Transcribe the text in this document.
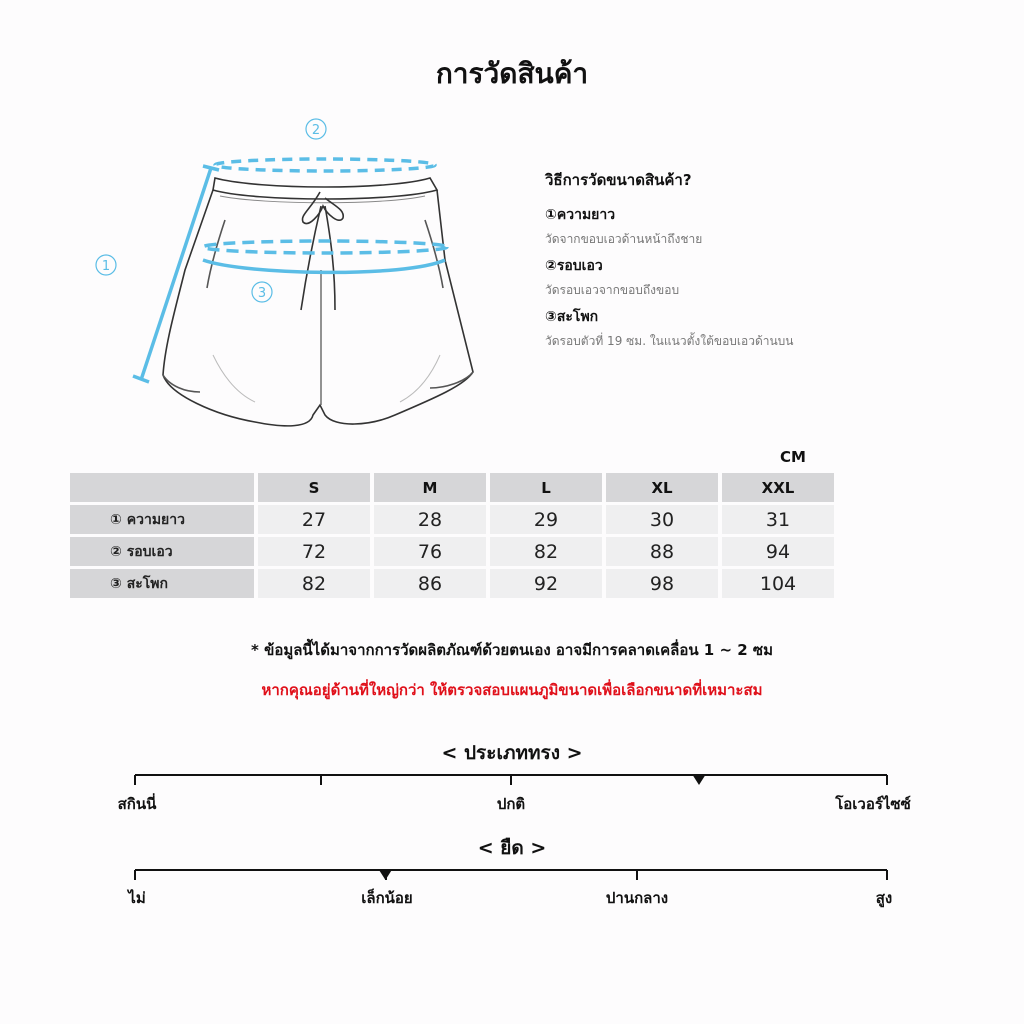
การวัดสินค้า
2
1
3
วิธีการวัดขนาดสินค้า?
①ความยาว
วัดจากขอบเอวด้านหน้าถึงชาย
②รอบเอว
วัดรอบเอวจากขอบถึงขอบ
③สะโพก
วัดรอบตัวที่ 19 ซม. ในแนวตั้งใต้ขอบเอวด้านบน
CM
	S	M	L	XL	XXL
① ความยาว	27	28	29	30	31
② รอบเอว	72	76	82	88	94
③ สะโพก	82	86	92	98	104
* ข้อมูลนี้ได้มาจากการวัดผลิตภัณฑ์ด้วยตนเอง อาจมีการคลาดเคลื่อน 1 ~ 2 ซม
หากคุณอยู่ด้านที่ใหญ่กว่า ให้ตรวจสอบแผนภูมิขนาดเพื่อเลือกขนาดที่เหมาะสม
< ประเภททรง >
สกินนี่	ปกติ	โอเวอร์ไซซ์
< ยืด >
ไม่	เล็กน้อย	ปานกลาง	สูง
